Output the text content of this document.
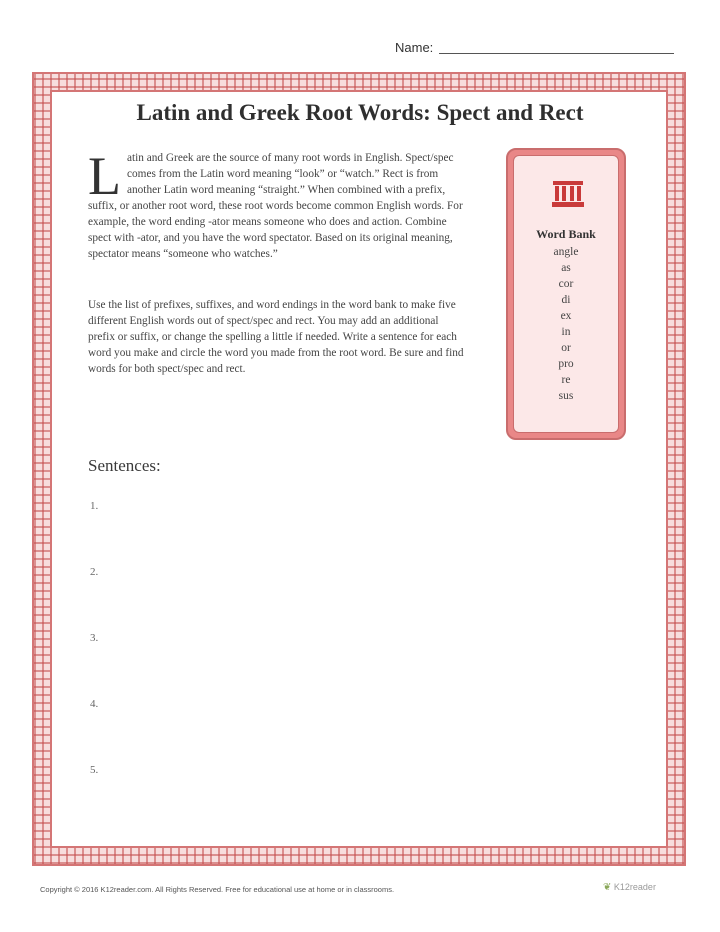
Name:
Latin and Greek Root Words: Spect and Rect

Latin and Greek are the source of many root words in English. Spect/spec comes from the Latin word meaning “look” or “watch.” Rect is from another Latin word meaning “straight.” When combined with a prefix, suffix, or another root word, these root words become common English words. For example, the word ending -ator means someone who does and action. Combine spect with -ator, and you have the word spectator. Based on its original meaning, spectator means “someone who watches.”

Use the list of prefixes, suffixes, and word endings in the word bank to make five different English words out of spect/spec and rect. You may add an additional prefix or suffix, or change the spelling a little if needed. Write a sentence for each word you make and circle the word you made from the root word. Be sure and find words for both spect/spec and rect.

Word Bank
angle
as
cor
di
ex
in
or
pro
re
sus
Sentences:
1.
2.
3.
4.
5.
Copyright © 2016 K12reader.com. All Rights Reserved. Free for educational use at home or in classrooms.	❦ K12reader
